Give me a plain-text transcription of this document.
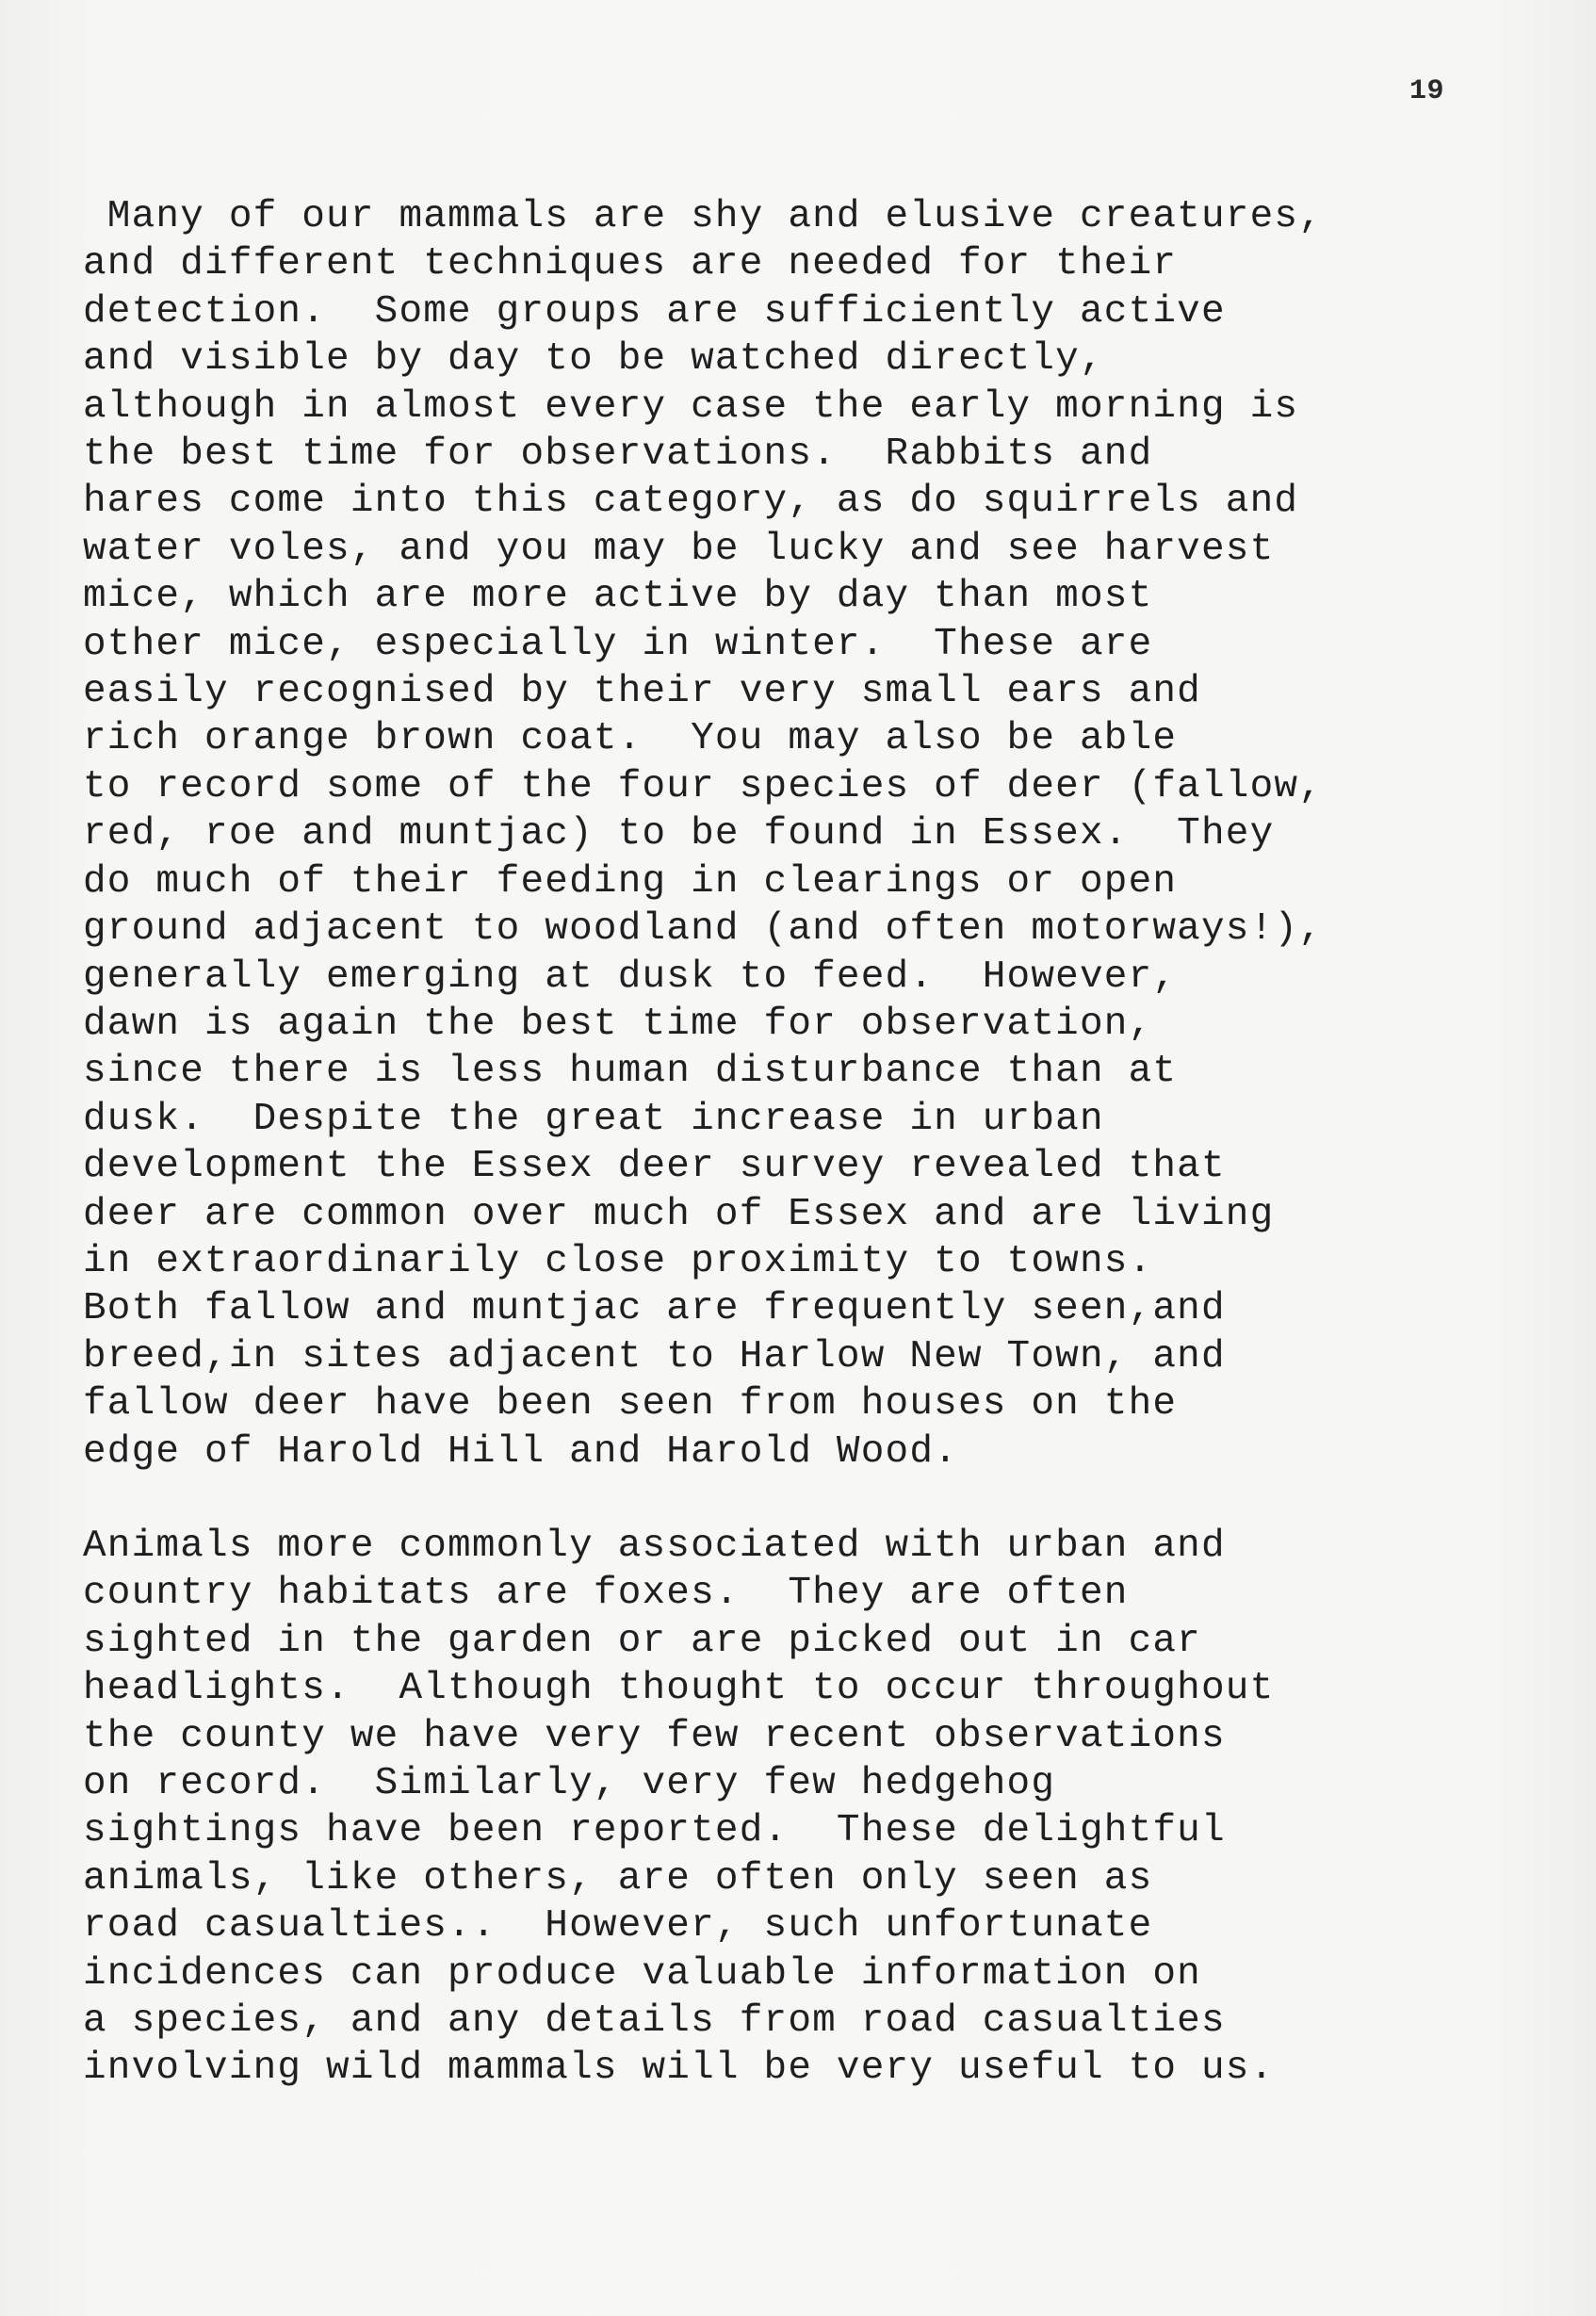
19
Many of our mammals are shy and elusive creatures,
and different techniques are needed for their
detection.  Some groups are sufficiently active
and visible by day to be watched directly,
although in almost every case the early morning is
the best time for observations.  Rabbits and
hares come into this category, as do squirrels and
water voles, and you may be lucky and see harvest
mice, which are more active by day than most
other mice, especially in winter.  These are
easily recognised by their very small ears and
rich orange brown coat.  You may also be able
to record some of the four species of deer (fallow,
red, roe and muntjac) to be found in Essex.  They
do much of their feeding in clearings or open
ground adjacent to woodland (and often motorways!),
generally emerging at dusk to feed.  However,
dawn is again the best time for observation,
since there is less human disturbance than at
dusk.  Despite the great increase in urban
development the Essex deer survey revealed that
deer are common over much of Essex and are living
in extraordinarily close proximity to towns.
Both fallow and muntjac are frequently seen,and
breed,in sites adjacent to Harlow New Town, and
fallow deer have been seen from houses on the
edge of Harold Hill and Harold Wood.
Animals more commonly associated with urban and
country habitats are foxes.  They are often
sighted in the garden or are picked out in car
headlights.  Although thought to occur throughout
the county we have very few recent observations
on record.  Similarly, very few hedgehog
sightings have been reported.  These delightful
animals, like others, are often only seen as
road casualties..  However, such unfortunate
incidences can produce valuable information on
a species, and any details from road casualties
involving wild mammals will be very useful to us.
